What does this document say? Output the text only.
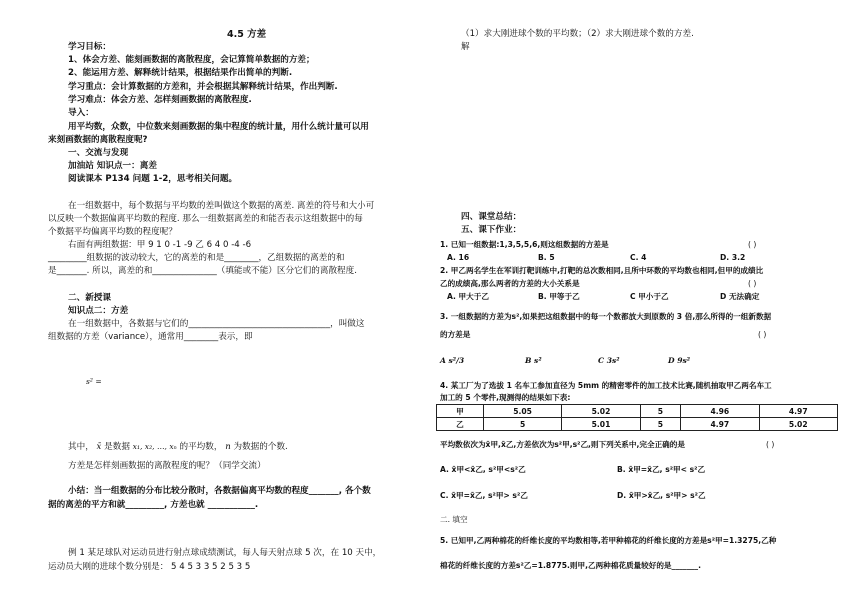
4.5 方差
学习目标：
1、体会方差、能刻画数据的离散程度，会记算简单数据的方差；
2、能运用方差、解释统计结果，根据结果作出简单的判断.
学习重点：会计算数据的方差和，并会根据其解释统计结果，作出判断.
学习难点：体会方差、怎样刻画数据的离散程度.
导入：
用平均数，众数，中位数来刻画数据的集中程度的统计量，用什么统计量可以用
来刻画数据的离散程度呢?
一、交流与发现
加油站 知识点一：离差
阅读课本 P134 问题 1-2，思考相关问题。
在一组数据中，每个数据与平均数的差叫做这个数据的离差. 离差的符号和大小可
以反映一个数据偏离平均数的程度. 那么一组数据离差的和能否表示这组数据中的每
个数据平均偏离平均数的程度呢？
右面有两组数据：甲 9 1 0 -1 -9 乙 6 4 0 -4 -6
_________组数据的波动较大，它的离差的和是________，乙组数据的离差的和
是_______. 所以，离差的和_______________（填能或不能）区分它们的离散程度.
二、新授课
知识点二：方差
在一组数据中，各数据与它们的_________________________________，叫做这
组数据的方差（variance），通常用________表示，即
s² =
其中， x̄ 是数据 x₁, x₂, …, xₙ 的平均数， n 为数据的个数.
方差是怎样刻画数据的离散程度的呢？（同学交流）
小结：当一组数据的分布比较分散时，各数据偏离平均数的程度_______, 各个数
据的离差的平方和就_________, 方差也就 ___________.
例 1 某足球队对运动员进行射点球成绩测试，每人每天射点球 5 次，在 10 天中，
运动员大刚的进球个数分别是： 5 4 5 3 3 5 2 5 3 5
（1）求大刚进球个数的平均数；（2）求大刚进球个数的方差.
解
四、课堂总结：
五、课下作业：
1. 已知一组数据:1,3,5,5,6,则这组数据的方差是	( )
A. 16	B. 5	C. 4	D. 3.2
2. 甲乙两名学生在军训打靶训练中,打靶的总次数相同,且所中环数的平均数也相同,但甲的成绩比
乙的成绩高,那么两者的方差的大小关系是	( )
A. 甲大于乙	B. 甲等于乙	C 甲小于乙	D 无法确定
3. 一组数据的方差为s²,如果把这组数据中的每一个数都放大到原数的 3 倍,那么所得的一组新数据
的方差是	( )
A s²/3	B s²	C 3s²	D 9s²
4. 某工厂为了选拔 1 名车工参加直径为 5mm 的精密零件的加工技术比赛,随机抽取甲乙两名车工
加工的 5 个零件,现测得的结果如下表:
甲	5.05	5.02	5	4.96	4.97
乙	5	5.01	5	4.97	5.02
平均数依次为x̄甲,x̄乙,方差依次为s²甲,s²乙,则下列关系中,完全正确的是	( )
A. x̄甲<x̄乙, s²甲<s²乙	B. x̄甲=x̄乙, s²甲< s²乙
C. x̄甲=x̄乙, s²甲> s²乙	D. x̄甲>x̄乙, s²甲> s²乙
二. 填空
5. 已知甲,乙两种棉花的纤维长度的平均数相等,若甲种棉花的纤维长度的方差是s²甲=1.3275,乙种
棉花的纤维长度的方差s²乙=1.8775.则甲,乙两种棉花质量较好的是_______.
